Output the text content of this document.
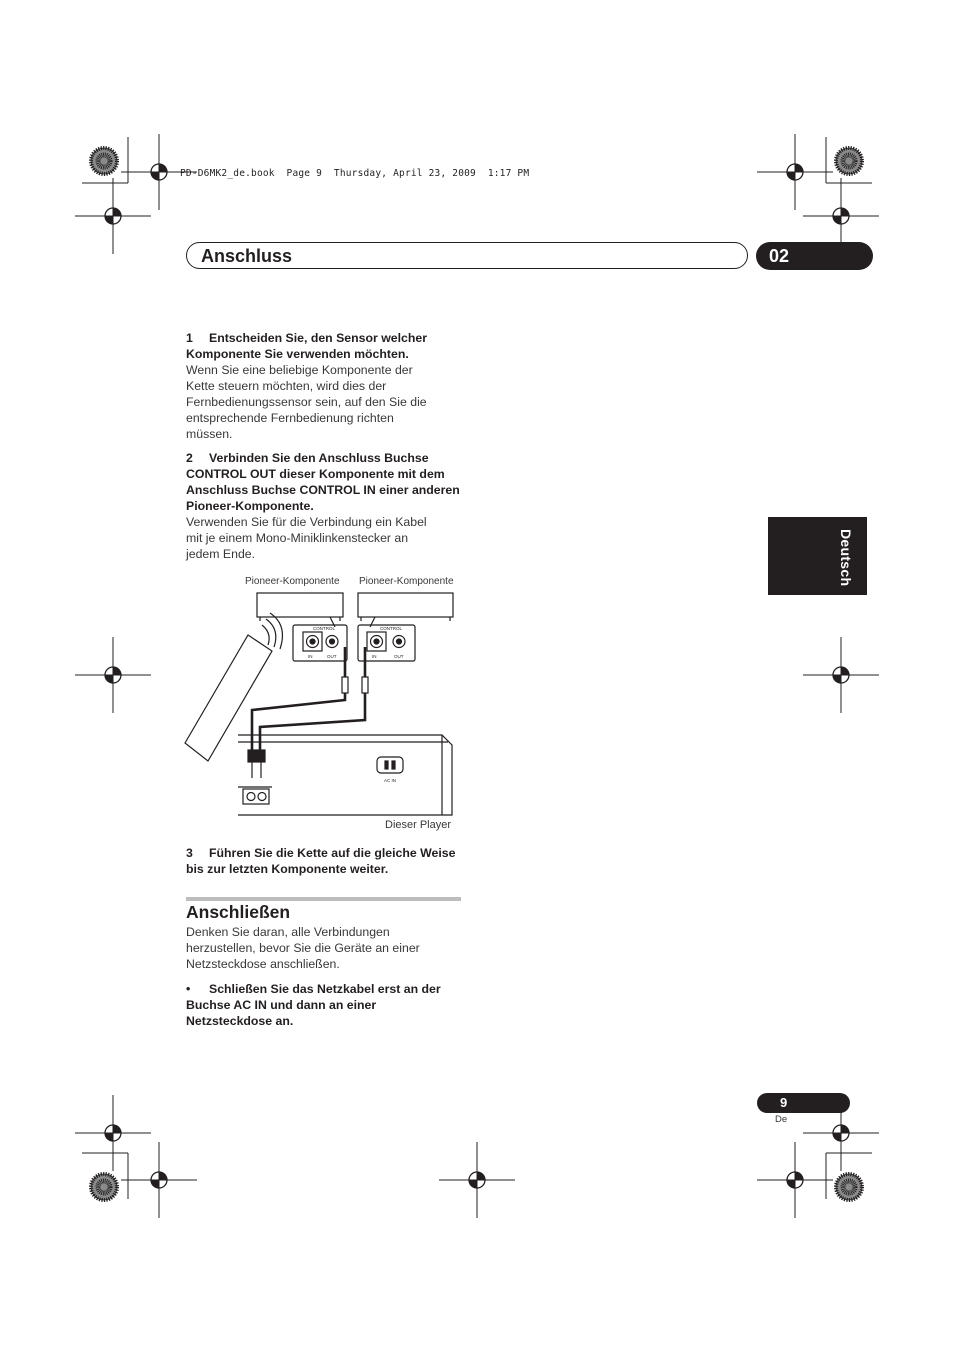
PD-D6MK2_de.book  Page 9  Thursday, April 23, 2009  1:17 PM
Anschluss	02
Deutsch
1 Entscheiden Sie, den Sensor welcher
Komponente Sie verwenden möchten.
Wenn Sie eine beliebige Komponente der
Kette steuern möchten, wird dies der
Fernbedienungssensor sein, auf den Sie die
entsprechende Fernbedienung richten
müssen.
2 Verbinden Sie den Anschluss Buchse
CONTROL OUT dieser Komponente mit dem
Anschluss Buchse CONTROL IN einer anderen
Pioneer-Komponente.
Verwenden Sie für die Verbindung ein Kabel
mit je einem Mono-Miniklinkenstecker an
jedem Ende.
Pioneer-Komponente Pioneer-Komponente
Dieser Player
CONTROL	CONTROL
IN	OUT	IN	OUT
AC IN
3 Führen Sie die Kette auf die gleiche Weise
bis zur letzten Komponente weiter.
Anschließen
Denken Sie daran, alle Verbindungen
herzustellen, bevor Sie die Geräte an einer
Netzsteckdose anschließen.
• Schließen Sie das Netzkabel erst an der
Buchse AC IN und dann an einer
Netzsteckdose an.
9
De
